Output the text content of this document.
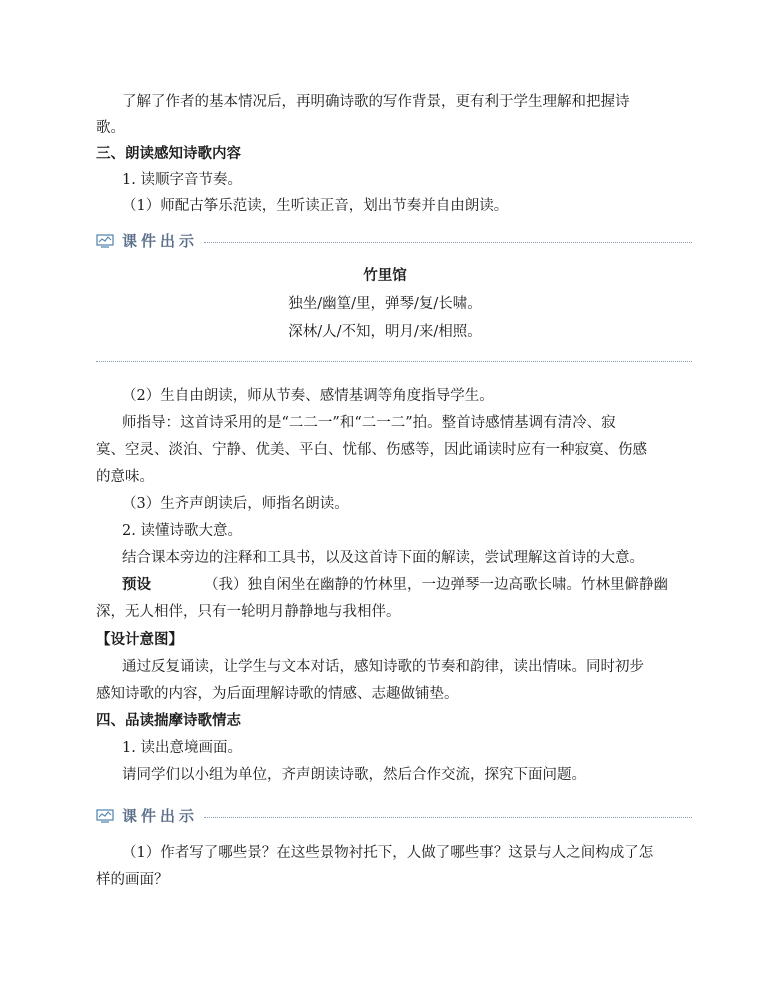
了解了作者的基本情况后，再明确诗歌的写作背景，更有利于学生理解和把握诗
歌。
三、朗读感知诗歌内容
1. 读顺字音节奏。
（1）师配古筝乐范读，生听读正音，划出节奏并自由朗读。
课件出示
竹里馆
独坐/幽篁/里，弹琴/复/长啸。
深林/人/不知，明月/来/相照。
（2）生自由朗读，师从节奏、感情基调等角度指导学生。
师指导：这首诗采用的是“二二一”和“二一二”拍。整首诗感情基调有清冷、寂
寞、空灵、淡泊、宁静、优美、平白、忧郁、伤感等，因此诵读时应有一种寂寞、伤感
的意味。
（3）生齐声朗读后，师指名朗读。
2. 读懂诗歌大意。
结合课本旁边的注释和工具书，以及这首诗下面的解读，尝试理解这首诗的大意。
预设	（我）独自闲坐在幽静的竹林里，一边弹琴一边高歌长啸。竹林里僻静幽
深，无人相伴，只有一轮明月静静地与我相伴。
【设计意图】
通过反复诵读，让学生与文本对话，感知诗歌的节奏和韵律，读出情味。同时初步
感知诗歌的内容，为后面理解诗歌的情感、志趣做铺垫。
四、品读揣摩诗歌情志
1. 读出意境画面。
请同学们以小组为单位，齐声朗读诗歌，然后合作交流，探究下面问题。
课件出示
（1）作者写了哪些景？在这些景物衬托下，人做了哪些事？这景与人之间构成了怎
样的画面？
